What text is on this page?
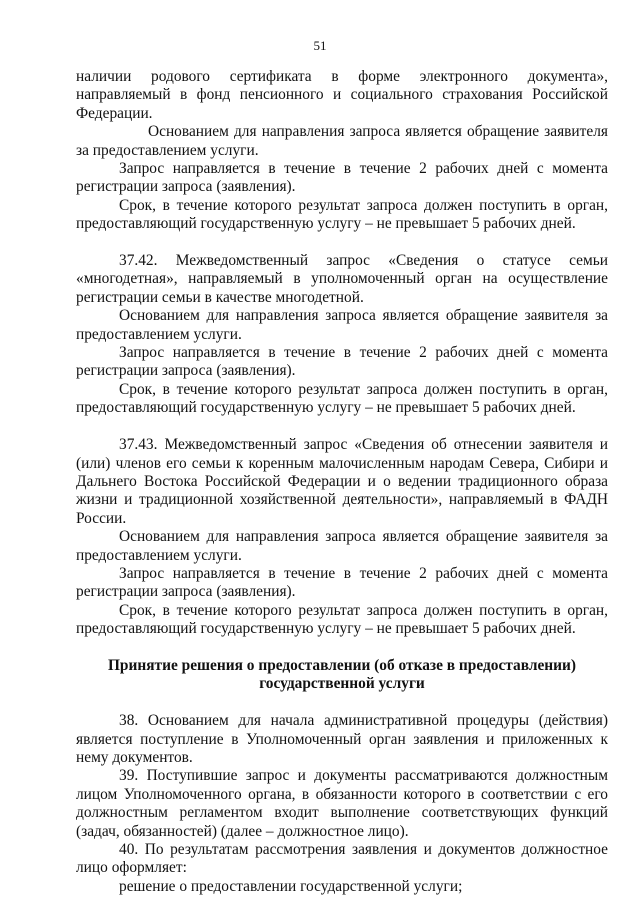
51

наличии родового сертификата в форме электронного документа», направляемый в фонд пенсионного и социального страхования Российской Федерации.

Основанием для направления запроса является обращение заявителя за предоставлением услуги.

Запрос направляется в течение в течение 2 рабочих дней с момента регистрации запроса (заявления).

Срок, в течение которого результат запроса должен поступить в орган, предоставляющий государственную услугу – не превышает 5 рабочих дней.

37.42. Межведомственный запрос «Сведения о статусе семьи «многодетная», направляемый в уполномоченный орган на осуществление регистрации семьи в качестве многодетной.

Основанием для направления запроса является обращение заявителя за предоставлением услуги.

Запрос направляется в течение в течение 2 рабочих дней с момента регистрации запроса (заявления).

Срок, в течение которого результат запроса должен поступить в орган, предоставляющий государственную услугу – не превышает 5 рабочих дней.

37.43. Межведомственный запрос «Сведения об отнесении заявителя и (или) членов его семьи к коренным малочисленным народам Севера, Сибири и Дальнего Востока Российской Федерации и о ведении традиционного образа жизни и традиционной хозяйственной деятельности», направляемый в ФАДН России.

Основанием для направления запроса является обращение заявителя за предоставлением услуги.

Запрос направляется в течение в течение 2 рабочих дней с момента регистрации запроса (заявления).

Срок, в течение которого результат запроса должен поступить в орган, предоставляющий государственную услугу – не превышает 5 рабочих дней.

Принятие решения о предоставлении (об отказе в предоставлении) государственной услуги

38. Основанием для начала административной процедуры (действия) является поступление в Уполномоченный орган заявления и приложенных к нему документов.

39. Поступившие запрос и документы рассматриваются должностным лицом Уполномоченного органа, в обязанности которого в соответствии с его должностным регламентом входит выполнение соответствующих функций (задач, обязанностей) (далее – должностное лицо).

40. По результатам рассмотрения заявления и документов должностное лицо оформляет:

решение о предоставлении государственной услуги;
